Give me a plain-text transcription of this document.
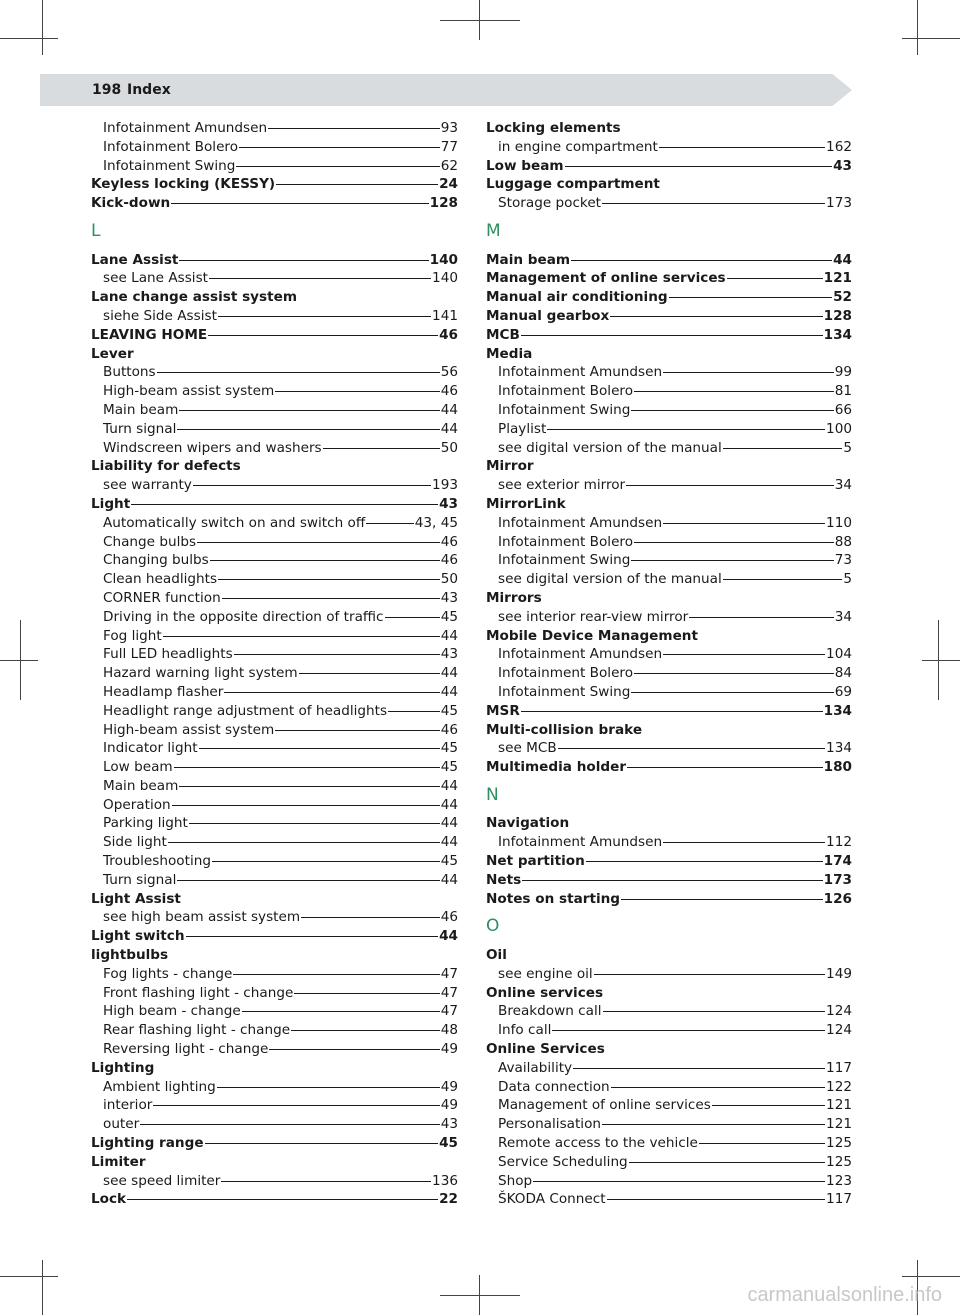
198 Index
Infotainment Amundsen	93
Infotainment Bolero	77
Infotainment Swing	62
Keyless locking (KESSY)	24
Kick-down	128
L
Lane Assist	140
see Lane Assist	140
Lane change assist system
siehe Side Assist	141
LEAVING HOME	46
Lever
Buttons	56
High-beam assist system	46
Main beam	44
Turn signal	44
Windscreen wipers and washers	50
Liability for defects
see warranty	193
Light	43
Automatically switch on and switch off	43, 45
Change bulbs	46
Changing bulbs	46
Clean headlights	50
CORNER function	43
Driving in the opposite direction of traffic	45
Fog light	44
Full LED headlights	43
Hazard warning light system	44
Headlamp flasher	44
Headlight range adjustment of headlights	45
High-beam assist system	46
Indicator light	45
Low beam	45
Main beam	44
Operation	44
Parking light	44
Side light	44
Troubleshooting	45
Turn signal	44
Light Assist
see high beam assist system	46
Light switch	44
lightbulbs
Fog lights - change	47
Front flashing light - change	47
High beam - change	47
Rear flashing light - change	48
Reversing light - change	49
Lighting
Ambient lighting	49
interior	49
outer	43
Lighting range	45
Limiter
see speed limiter	136
Lock	22
Locking elements
in engine compartment	162
Low beam	43
Luggage compartment
Storage pocket	173
M
Main beam	44
Management of online services	121
Manual air conditioning	52
Manual gearbox	128
MCB	134
Media
Infotainment Amundsen	99
Infotainment Bolero	81
Infotainment Swing	66
Playlist	100
see digital version of the manual	5
Mirror
see exterior mirror	34
MirrorLink
Infotainment Amundsen	110
Infotainment Bolero	88
Infotainment Swing	73
see digital version of the manual	5
Mirrors
see interior rear-view mirror	34
Mobile Device Management
Infotainment Amundsen	104
Infotainment Bolero	84
Infotainment Swing	69
MSR	134
Multi-collision brake
see MCB	134
Multimedia holder	180
N
Navigation
Infotainment Amundsen	112
Net partition	174
Nets	173
Notes on starting	126
O
Oil
see engine oil	149
Online services
Breakdown call	124
Info call	124
Online Services
Availability	117
Data connection	122
Management of online services	121
Personalisation	121
Remote access to the vehicle	125
Service Scheduling	125
Shop	123
ŠKODA Connect	117
carmanualsonline.info
